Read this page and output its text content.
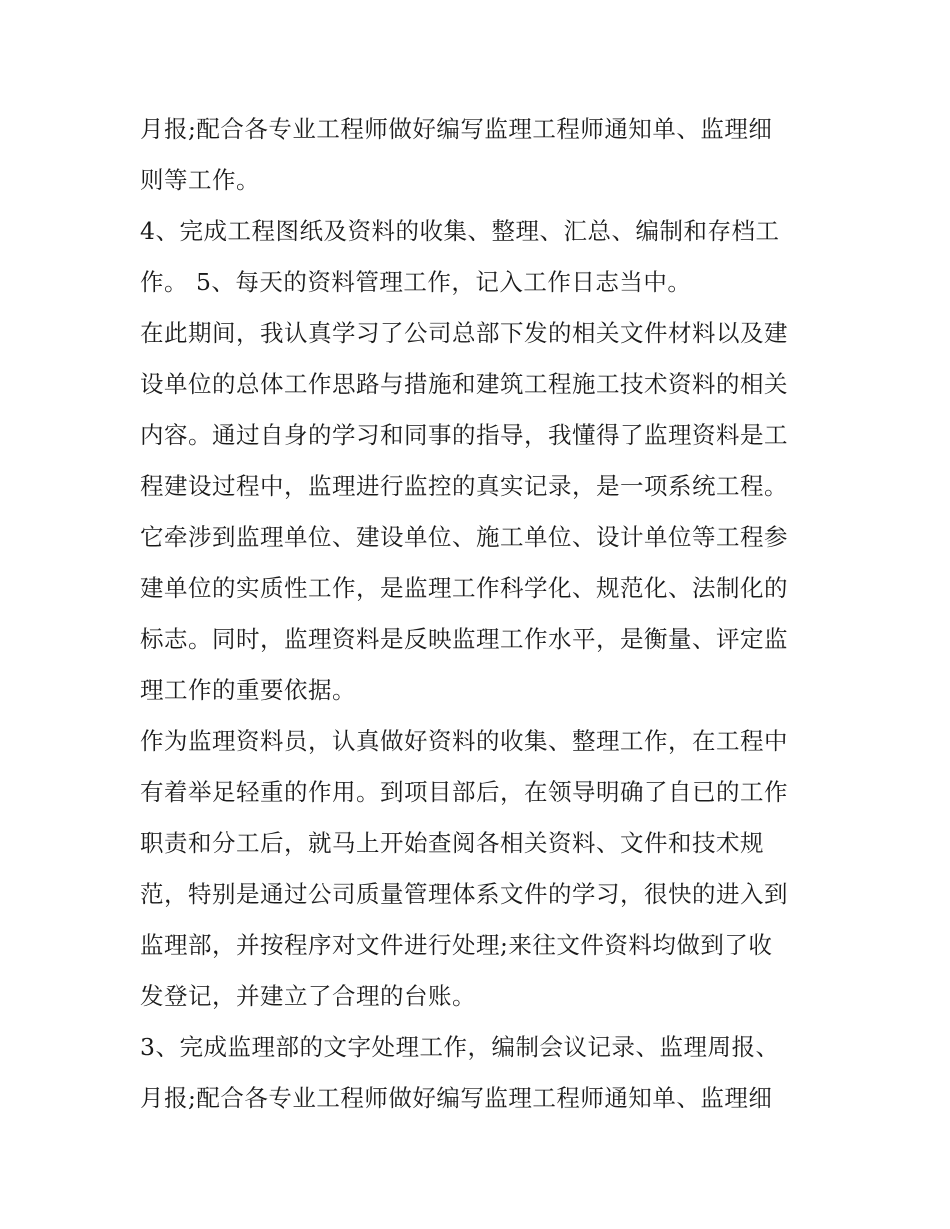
月报;配合各专业工程师做好编写监理工程师通知单、监理细
则等工作。
4、完成工程图纸及资料的收集、整理、汇总、编制和存档工
作。 5、每天的资料管理工作，记入工作日志当中。
在此期间，我认真学习了公司总部下发的相关文件材料以及建
设单位的总体工作思路与措施和建筑工程施工技术资料的相关
内容。通过自身的学习和同事的指导，我懂得了监理资料是工
程建设过程中，监理进行监控的真实记录，是一项系统工程。
它牵涉到监理单位、建设单位、施工单位、设计单位等工程参
建单位的实质性工作，是监理工作科学化、规范化、法制化的
标志。同时，监理资料是反映监理工作水平，是衡量、评定监
理工作的重要依据。
作为监理资料员，认真做好资料的收集、整理工作，在工程中
有着举足轻重的作用。到项目部后，在领导明确了自已的工作
职责和分工后，就马上开始查阅各相关资料、文件和技术规
范，特别是通过公司质量管理体系文件的学习，很快的进入到
监理部，并按程序对文件进行处理;来往文件资料均做到了收
发登记，并建立了合理的台账。
3、完成监理部的文字处理工作，编制会议记录、监理周报、
月报;配合各专业工程师做好编写监理工程师通知单、监理细
